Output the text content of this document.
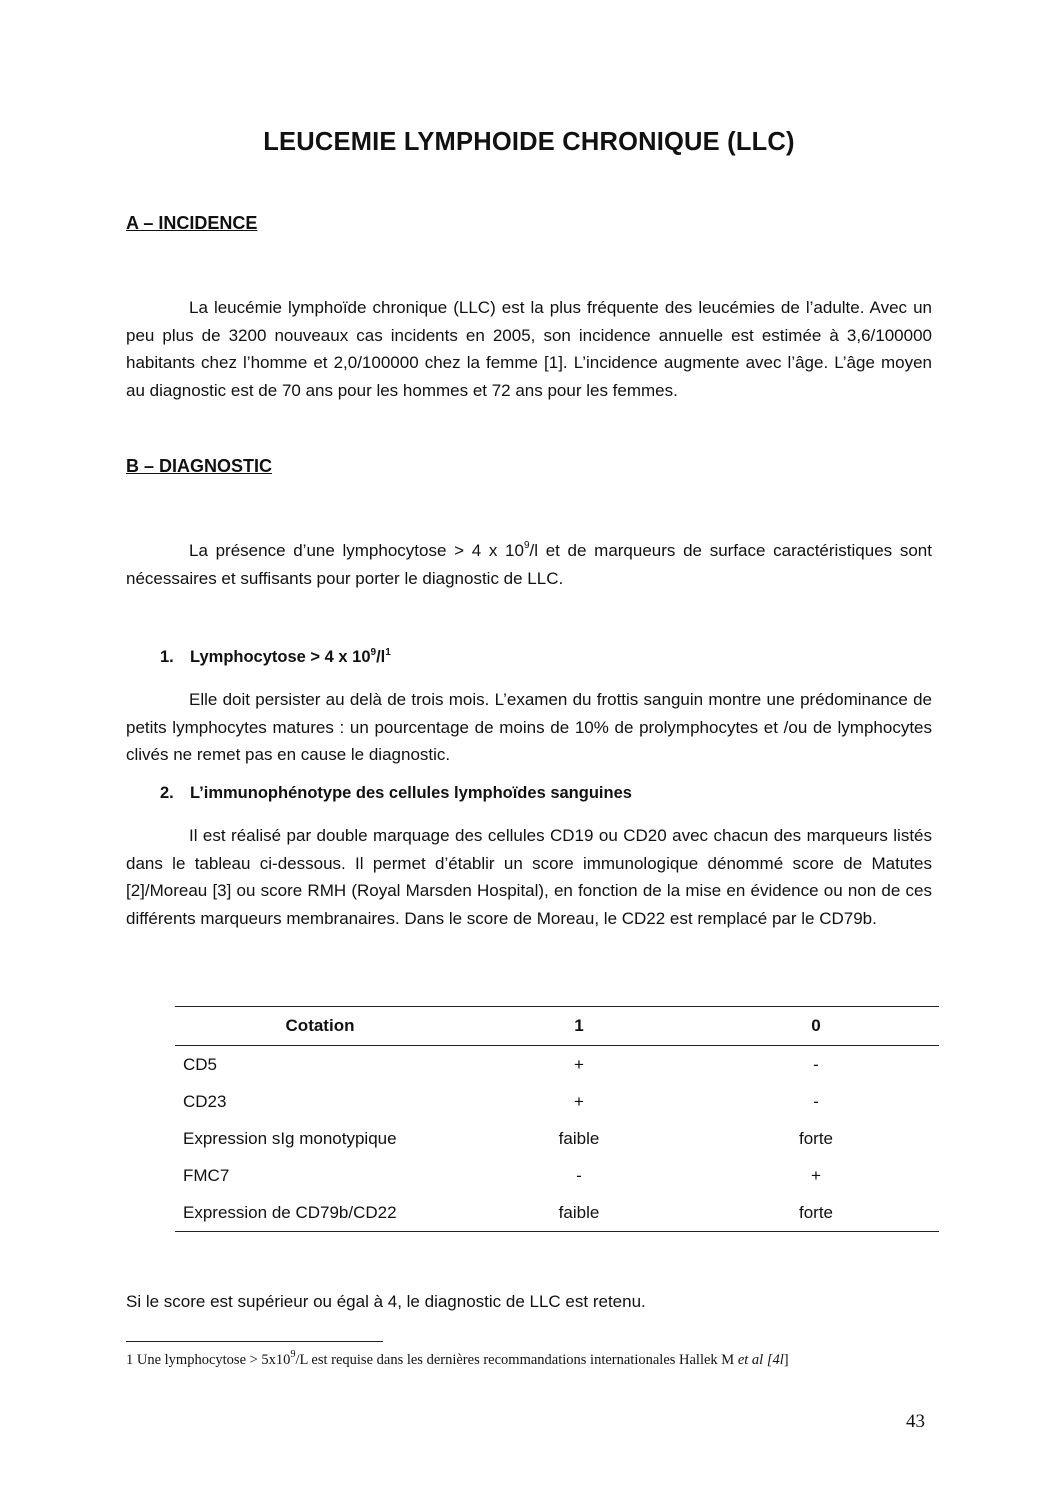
LEUCEMIE LYMPHOIDE CHRONIQUE (LLC)
A – INCIDENCE

La leucémie lymphoïde chronique (LLC) est la plus fréquente des leucémies de l’adulte. Avec un peu plus de 3200 nouveaux cas incidents en 2005, son incidence annuelle est estimée à 3,6/100000 habitants chez l’homme et 2,0/100000 chez la femme [1]. L’incidence augmente avec l’âge. L’âge moyen au diagnostic est de 70 ans pour les hommes et 72 ans pour les femmes.

B – DIAGNOSTIC

La présence d’une lymphocytose > 4 x $10^9/l$ et de marqueurs de surface caractéristiques sont nécessaires et suffisants pour porter le diagnostic de LLC.

1. Lymphocytose > 4 x $10^9/l^1$

Elle doit persister au delà de trois mois. L’examen du frottis sanguin montre une prédominance de petits lymphocytes matures : un pourcentage de moins de 10% de prolymphocytes et /ou de lymphocytes clivés ne remet pas en cause le diagnostic.

2. L’immunophénotype des cellules lymphoïdes sanguines

Il est réalisé par double marquage des cellules CD19 ou CD20 avec chacun des marqueurs listés dans le tableau ci-dessous. Il permet d’établir un score immunologique dénommé score de Matutes [2]/Moreau [3] ou score RMH (Royal Marsden Hospital), en fonction de la mise en évidence ou non de ces différents marqueurs membranaires. Dans le score de Moreau, le CD22 est remplacé par le CD79b.

Cotation	1	0
CD5	+	-
CD23	+	-
Expression sIg monotypique	faible	forte
FMC7	-	+
Expression de CD79b/CD22	faible	forte

Si le score est supérieur ou égal à 4, le diagnostic de LLC est retenu.

1 Une lymphocytose > $5x10^9/L$ est requise dans les dernières recommandations internationales Hallek M et al [4l]
43
